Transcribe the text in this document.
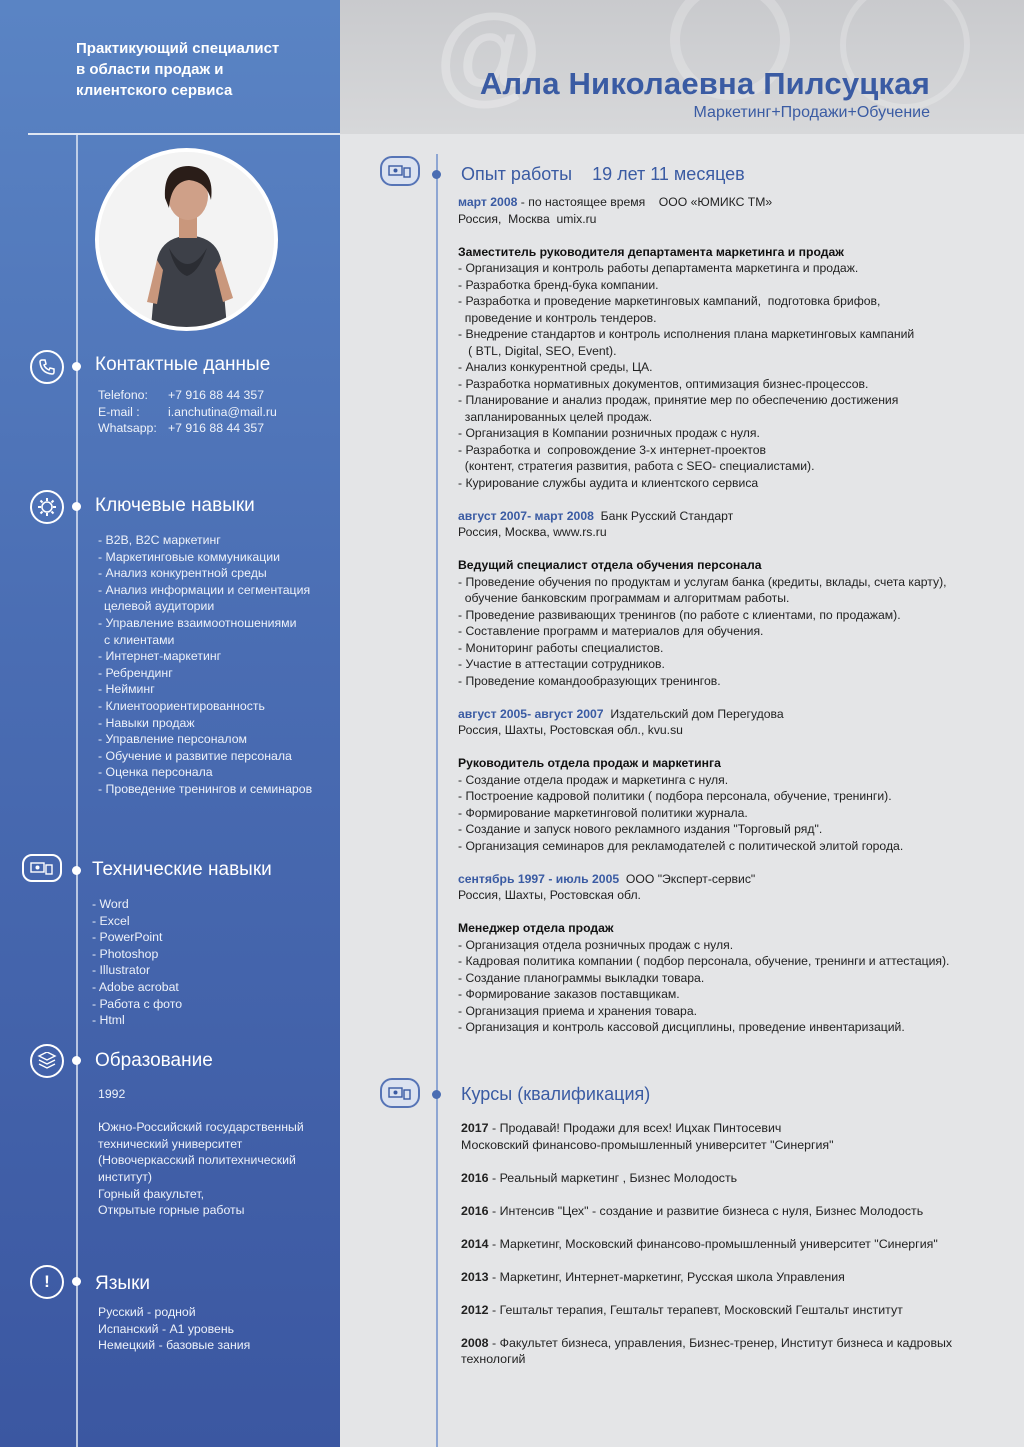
Практикующий специалист
в области продаж и
клиентского сервиса
Контактные данные
Telefono:	+7 916 88 44 357
E-mail :	i.anchutina@mail.ru
Whatsapp: +7 916 88 44 357
Ключевые навыки
- B2B, B2C маркетинг
- Маркетинговые коммуникации
- Анализ конкурентной среды
- Анализ информации и сегментация
целевой аудитории
- Управление взаимоотношениями
с клиентами
- Интернет-маркетинг
- Ребрендинг
- Нейминг
- Клиентоориентированность
- Навыки продаж
- Управление персоналом
- Обучение и развитие персонала
- Оценка персонала
- Проведение тренингов и семинаров
Технические навыки
- Word
- Excel
- PowerPoint
- Photoshop
- Illustrator
- Adobe acrobat
- Работа с фото
- Html
Образование
1992
Южно-Российский государственный
технический университет
(Новочеркасский политехнический
институт)
Горный факультет,
Открытые горные работы
!	Языки
Русский - родной
Испанский - А1 уровень
Немецкий - базовые зания
@
Алла Николаевна Пилсуцкая
Маркетинг+Продажи+Обучение
Опыт работы    19 лет 11 месяцев
март 2008 - по настоящее время    ООО «ЮМИКС ТМ»
Россия,  Москва  umix.ru
Заместитель руководителя департамента маркетинга и продаж
- Организация и контроль работы департамента маркетинга и продаж.
- Разработка бренд-бука компании.
- Разработка и проведение маркетинговых кампаний,  подготовка брифов,
проведение и контроль тендеров.
- Внедрение стандартов и контроль исполнения плана маркетинговых кампаний
( BTL, Digital, SEO, Event).
- Анализ конкурентной среды, ЦА.
- Разработка нормативных документов, оптимизация бизнес-процессов.
- Планирование и анализ продаж, принятие мер по обеспечению достижения
запланированных целей продаж.
- Организация в Компании розничных продаж с нуля.
- Разработка и  сопровождение 3-х интернет-проектов
(контент, стратегия развития, работа с SEO- специалистами).
- Курирование службы аудита и клиентского сервиса
август 2007- март 2008  Банк Русский Стандарт
Россия, Москва, www.rs.ru
Ведущий специалист отдела обучения персонала
- Проведение обучения по продуктам и услугам банка (кредиты, вклады, счета карту),
обучение банковским программам и алгоритмам работы.
- Проведение развивающих тренингов (по работе с клиентами, по продажам).
- Составление программ и материалов для обучения.
- Мониторинг работы специалистов.
- Участие в аттестации сотрудников.
- Проведение командообразующих тренингов.
август 2005- август 2007  Издательский дом Перегудова
Россия, Шахты, Ростовская обл., kvu.su
Руководитель отдела продаж и маркетинга
- Создание отдела продаж и маркетинга с нуля.
- Построение кадровой политики ( подбора персонала, обучение, тренинги).
- Формирование маркетинговой политики журнала.
- Создание и запуск нового рекламного издания "Торговый ряд".
- Организация семинаров для рекламодателей с политической элитой города.
сентябрь 1997 - июль 2005  ООО "Эксперт-сервис"
Россия, Шахты, Ростовская обл.
Менеджер отдела продаж
- Организация отдела розничных продаж с нуля.
- Кадровая политика компании ( подбор персонала, обучение, тренинги и аттестация).
- Создание планограммы выкладки товара.
- Формирование заказов поставщикам.
- Организация приема и хранения товара.
- Организация и контроль кассовой дисциплины, проведение инвентаризаций.
Курсы (квалификация)
2017 - Продавай! Продажи для всех! Ицхак Пинтосевич
Московский финансово-промышленный университет "Синергия"
2016 - Реальный маркетинг , Бизнес Молодость
2016 - Интенсив "Цех" - создание и развитие бизнеса с нуля, Бизнес Молодость
2014 - Маркетинг, Московский финансово-промышленный университет "Синергия"
2013 - Маркетинг, Интернет-маркетинг, Русская школа Управления
2012 - Гештальт терапия, Гештальт терапевт, Московский Гештальт институт
2008 - Факультет бизнеса, управления, Бизнес-тренер, Институт бизнеса и кадровых
технологий
